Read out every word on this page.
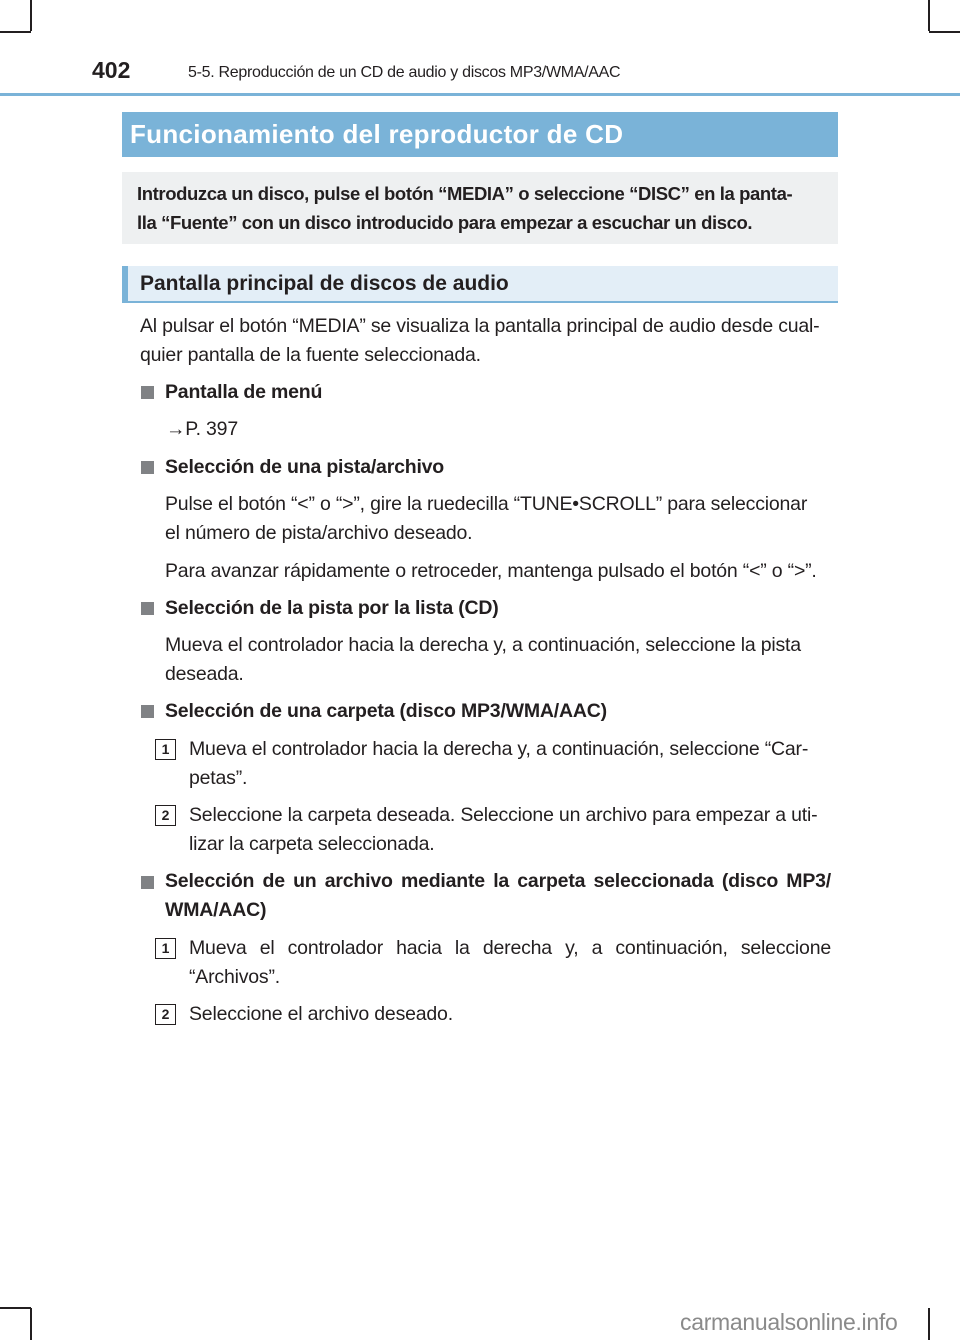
402	5-5. Reproducción de un CD de audio y discos MP3/WMA/AAC
Funcionamiento del reproductor de CD
Introduzca un disco, pulse el botón “MEDIA” o seleccione “DISC” en la panta-
lla “Fuente” con un disco introducido para empezar a escuchar un disco.
Pantalla principal de discos de audio
Al pulsar el botón “MEDIA” se visualiza la pantalla principal de audio desde cual-
quier pantalla de la fuente seleccionada.
Pantalla de menú
→P. 397
Selección de una pista/archivo
Pulse el botón “<” o “>”, gire la ruedecilla “TUNE•SCROLL” para seleccionar
el número de pista/archivo deseado.
Para avanzar rápidamente o retroceder, mantenga pulsado el botón “<” o “>”.
Selección de la pista por la lista (CD)
Mueva el controlador hacia la derecha y, a continuación, seleccione la pista
deseada.
Selección de una carpeta (disco MP3/WMA/AAC)
1	Mueva el controlador hacia la derecha y, a continuación, seleccione “Car-
petas”.
2	Seleccione la carpeta deseada. Seleccione un archivo para empezar a uti-
lizar la carpeta seleccionada.
Selección de un archivo mediante la carpeta seleccionada (disco MP3/
WMA/AAC)
1	Mueva el controlador hacia la derecha y, a continuación, seleccione
“Archivos”.
2	Seleccione el archivo deseado.
carmanualsonline.info
